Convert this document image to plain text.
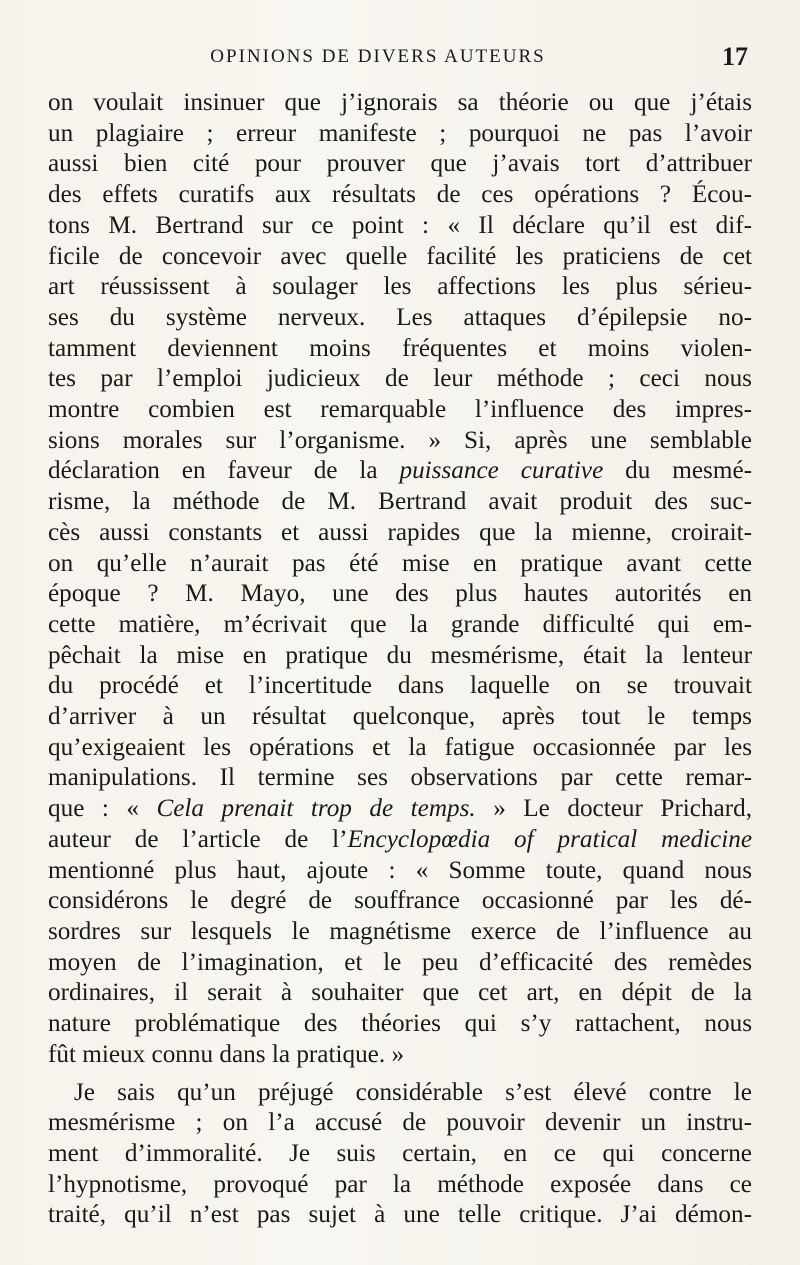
OPINIONS DE DIVERS AUTEURS	17
on voulait insinuer que j’ignorais sa théorie ou que j’étais
un plagiaire ; erreur manifeste ; pourquoi ne pas l’avoir
aussi bien cité pour prouver que j’avais tort d’attribuer
des effets curatifs aux résultats de ces opérations ? Écou-
tons M. Bertrand sur ce point : « Il déclare qu’il est dif-
ficile de concevoir avec quelle facilité les praticiens de cet
art réussissent à soulager les affections les plus sérieu-
ses du système nerveux. Les attaques d’épilepsie no-
tamment deviennent moins fréquentes et moins violen-
tes par l’emploi judicieux de leur méthode ; ceci nous
montre combien est remarquable l’influence des impres-
sions morales sur l’organisme. » Si, après une semblable
déclaration en faveur de la puissance curative du mesmé-
risme, la méthode de M. Bertrand avait produit des suc-
cès aussi constants et aussi rapides que la mienne, croirait-
on qu’elle n’aurait pas été mise en pratique avant cette
époque ? M. Mayo, une des plus hautes autorités en
cette matière, m’écrivait que la grande difficulté qui em-
pêchait la mise en pratique du mesmérisme, était la lenteur
du procédé et l’incertitude dans laquelle on se trouvait
d’arriver à un résultat quelconque, après tout le temps
qu’exigeaient les opérations et la fatigue occasionnée par les
manipulations. Il termine ses observations par cette remar-
que : « Cela prenait trop de temps. » Le docteur Prichard,
auteur de l’article de l’Encyclopœdia of pratical medicine
mentionné plus haut, ajoute : « Somme toute, quand nous
considérons le degré de souffrance occasionné par les dé-
sordres sur lesquels le magnétisme exerce de l’influence au
moyen de l’imagination, et le peu d’efficacité des remèdes
ordinaires, il serait à souhaiter que cet art, en dépit de la
nature problématique des théories qui s’y rattachent, nous
fût mieux connu dans la pratique. »
Je sais qu’un préjugé considérable s’est élevé contre le
mesmérisme ; on l’a accusé de pouvoir devenir un instru-
ment d’immoralité. Je suis certain, en ce qui concerne
l’hypnotisme, provoqué par la méthode exposée dans ce
traité, qu’il n’est pas sujet à une telle critique. J’ai démon-
